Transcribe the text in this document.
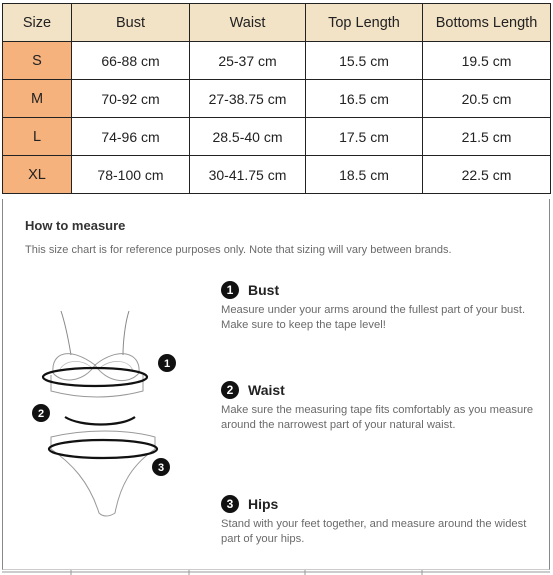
Size	Bust	Waist	Top Length	Bottoms Length
S	66-88 cm	25-37 cm	15.5 cm	19.5 cm
M	70-92 cm	27-38.75 cm	16.5 cm	20.5 cm
L	74-96 cm	28.5-40 cm	17.5 cm	21.5 cm
XL	78-100 cm	30-41.75 cm	18.5 cm	22.5 cm
How to measure
This size chart is for reference purposes only. Note that sizing will vary between brands.
1
2
3
1	Bust
Measure under your arms around the fullest part of your bust. Make sure to keep the tape level!
2	Waist
Make sure the measuring tape fits comfortably as you measure around the narrowest part of your natural waist.
3	Hips
Stand with your feet together, and measure around the widest part of your hips.
